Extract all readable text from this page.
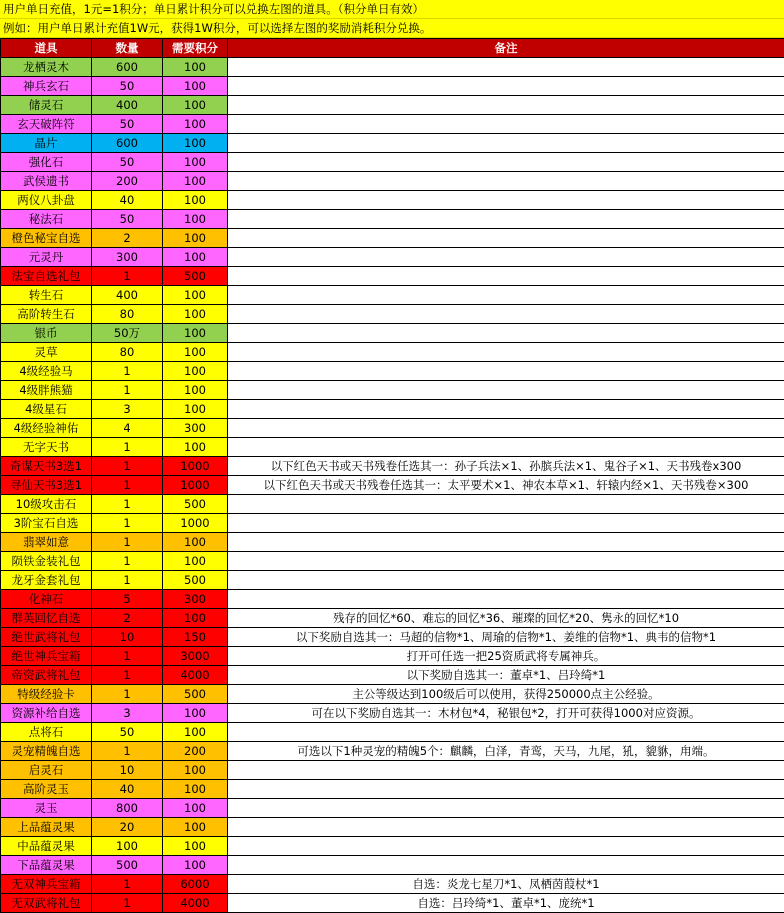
用户单日充值，1元=1积分；单日累计积分可以兑换左图的道具。（积分单日有效）
例如：用户单日累计充值1W元，获得1W积分，可以选择左图的奖励消耗积分兑换。
道具	数量	需要积分	备注
龙栖灵木	600	100	
神兵玄石	50	100	
储灵石	400	100	
玄天破阵符	50	100	
晶片	600	100	
强化石	50	100	
武侯遗书	200	100	
两仪八卦盘	40	100	
秘法石	50	100	
橙色秘宝自选	2	100	
元灵丹	300	100	
法宝自选礼包	1	500	
转生石	400	100	
高阶转生石	80	100	
银币	50万	100	
灵草	80	100	
4级经验马	1	100	
4级胖熊猫	1	100	
4级星石	3	100	
4级经验神佑	4	300	
无字天书	1	100	
奇谋天书3选1	1	1000	以下红色天书或天书残卷任选其一：孙子兵法×1、孙膑兵法×1、鬼谷子×1、天书残卷x300
寻仙天书3选1	1	1000	以下红色天书或天书残卷任选其一：太平要术×1、神农本草×1、轩辕内经×1、天书残卷×300
10级攻击石	1	500	
3阶宝石自选	1	1000	
翡翠如意	1	100	
陨铁金装礼包	1	100	
龙牙金套礼包	1	500	
化神石	5	300	
群英回忆自选	2	100	残存的回忆*60、难忘的回忆*36、璀璨的回忆*20、隽永的回忆*10
绝世武将礼包	10	150	以下奖励自选其一：马超的信物*1、周瑜的信物*1、姜维的信物*1、典韦的信物*1
绝世神兵宝箱	1	3000	打开可任选一把25资质武将专属神兵。
帝资武将礼包	1	4000	以下奖励自选其一：董卓*1、吕玲绮*1
特级经验卡	1	500	主公等级达到100级后可以使用，获得250000点主公经验。
资源补给自选	3	100	可在以下奖励自选其一：木材包*4，秘银包*2，打开可获得1000对应资源。
点将石	50	100	
灵宠精魄自选	1	200	可选以下1种灵宠的精魄5个：麒麟，白泽，青鸾，天马，九尾，犼，貔貅，甪端。
启灵石	10	100	
高阶灵玉	40	100	
灵玉	800	100	
上品蕴灵果	20	100	
中品蕴灵果	100	100	
下品蕴灵果	500	100	
无双神兵宝箱	1	6000	自选：炎龙七星刀*1、凤栖茵葭杖*1
无双武将礼包	1	4000	自选：吕玲绮*1、董卓*1、庞统*1
